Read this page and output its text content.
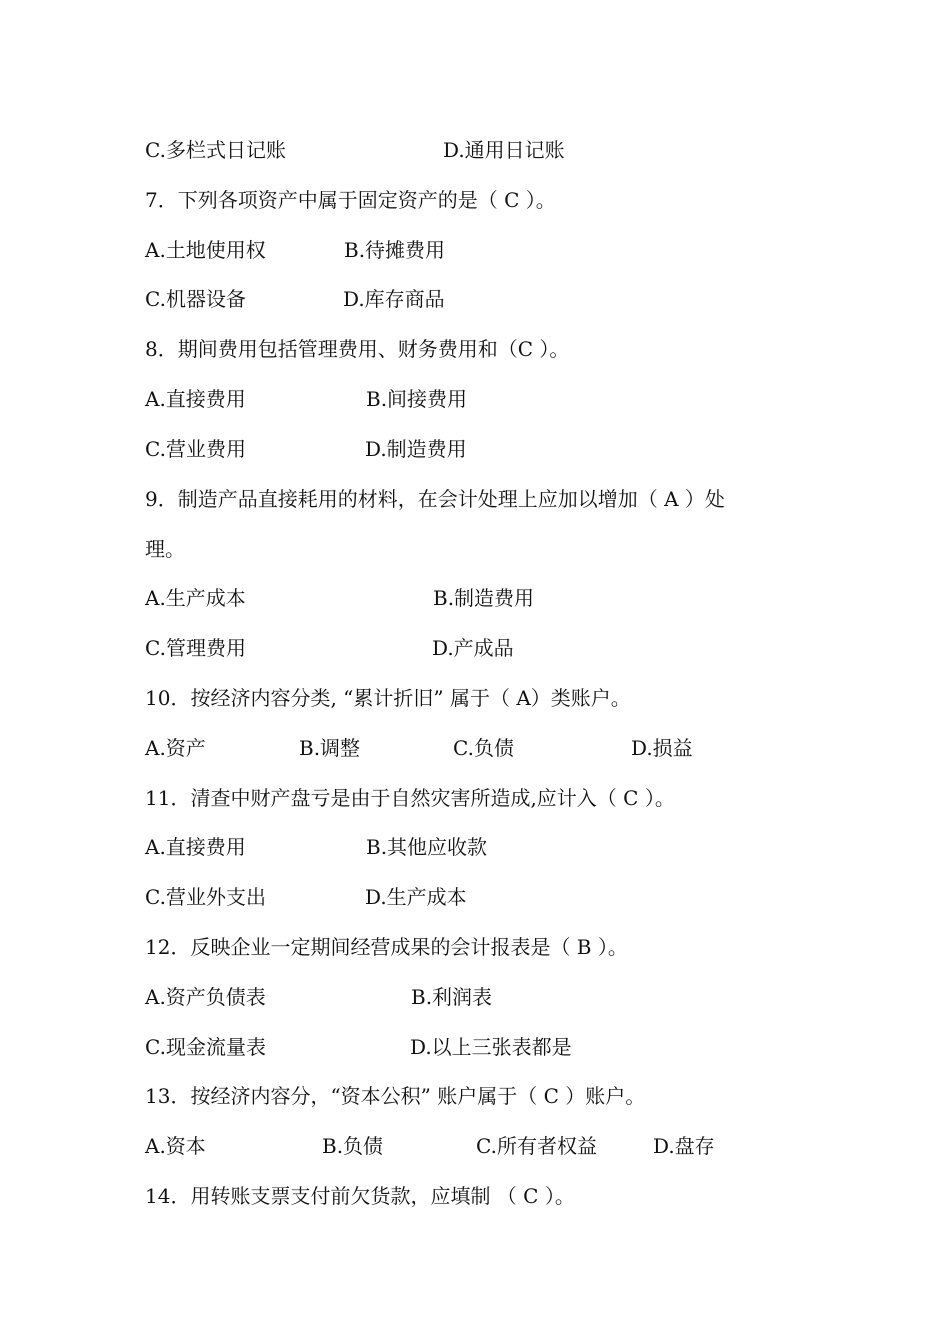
C.多栏式日记账	D.通用日记账
7．下列各项资产中属于固定资产的是（ C ）。
A.土地使用权	B.待摊费用
C.机器设备	D.库存商品
8．期间费用包括管理费用、财务费用和（C ）。
A.直接费用	B.间接费用
C.营业费用	D.制造费用
9．制造产品直接耗用的材料，在会计处理上应加以增加（ A ）处
理。
A.生产成本	B.制造费用
C.管理费用	D.产成品
10．按经济内容分类, “累计折旧” 属于（ A）类账户。
A.资产	B.调整	C.负债	D.损益
11．清查中财产盘亏是由于自然灾害所造成,应计入（ C ）。
A.直接费用	B.其他应收款
C.营业外支出	D.生产成本
12．反映企业一定期间经营成果的会计报表是（ B ）。
A.资产负债表	B.利润表
C.现金流量表	D.以上三张表都是
13．按经济内容分，“资本公积” 账户属于（ C ）账户。
A.资本	B.负债	C.所有者权益	D.盘存
14．用转账支票支付前欠货款，应填制 （ C ）。
